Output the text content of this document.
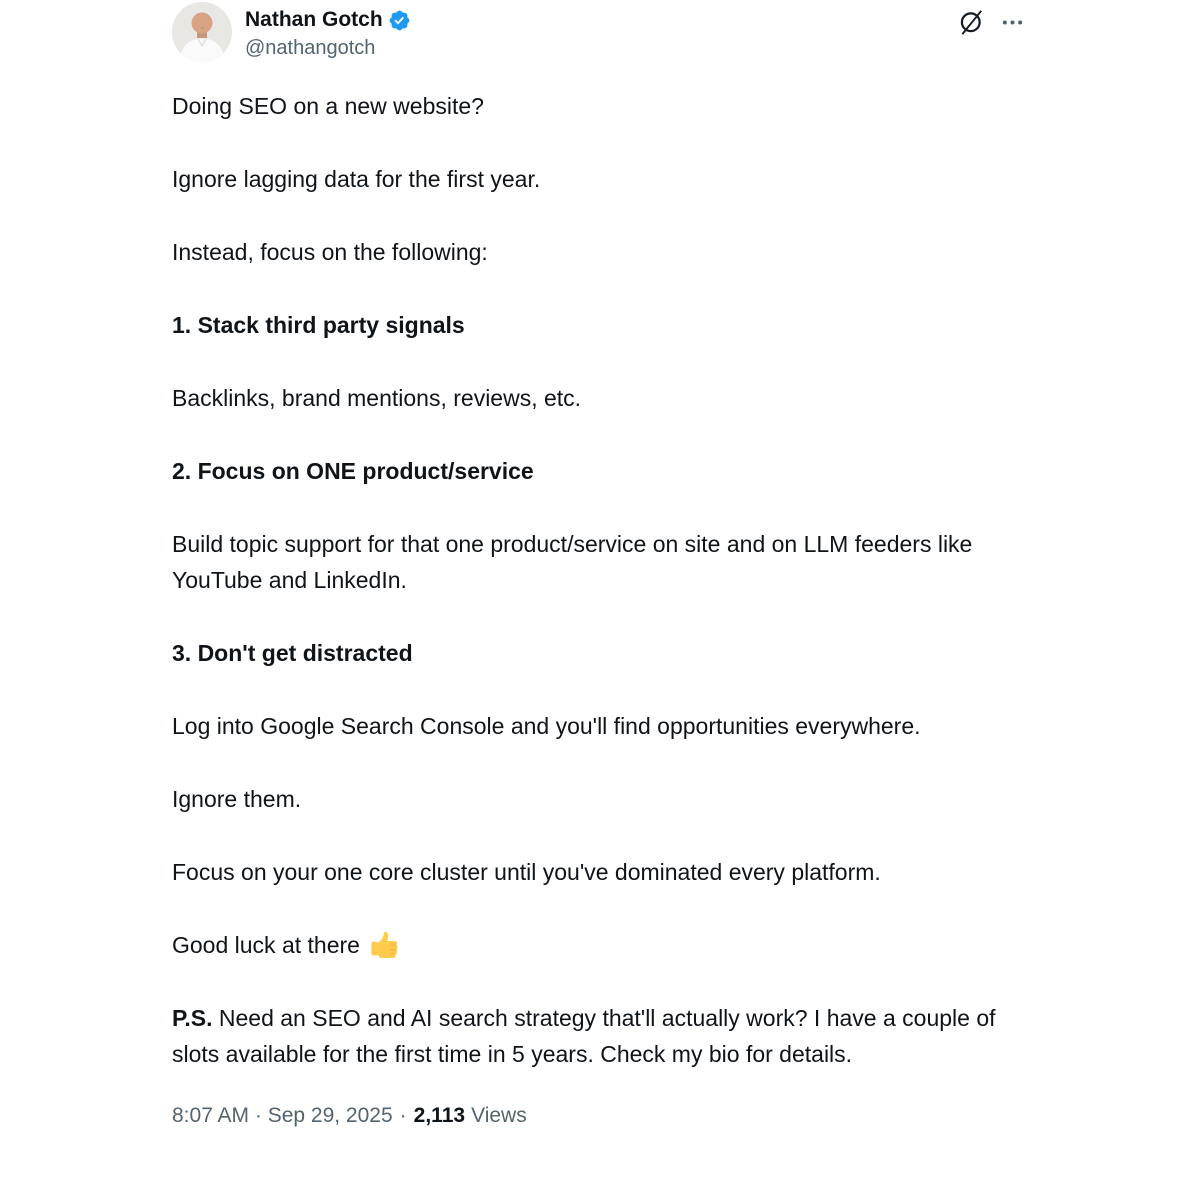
Nathan Gotch
@nathangotch

Doing SEO on a new website?

Ignore lagging data for the first year.

Instead, focus on the following:

1. Stack third party signals

Backlinks, brand mentions, reviews, etc.

2. Focus on ONE product/service

Build topic support for that one product/service on site and on LLM feeders like YouTube and LinkedIn.

3. Don't get distracted

Log into Google Search Console and you'll find opportunities everywhere.

Ignore them.

Focus on your one core cluster until you've dominated every platform.

Good luck at there

P.S. Need an SEO and AI search strategy that'll actually work? I have a couple of slots available for the first time in 5 years. Check my bio for details.

8:07 AM · Sep 29, 2025 · 2,113 Views
